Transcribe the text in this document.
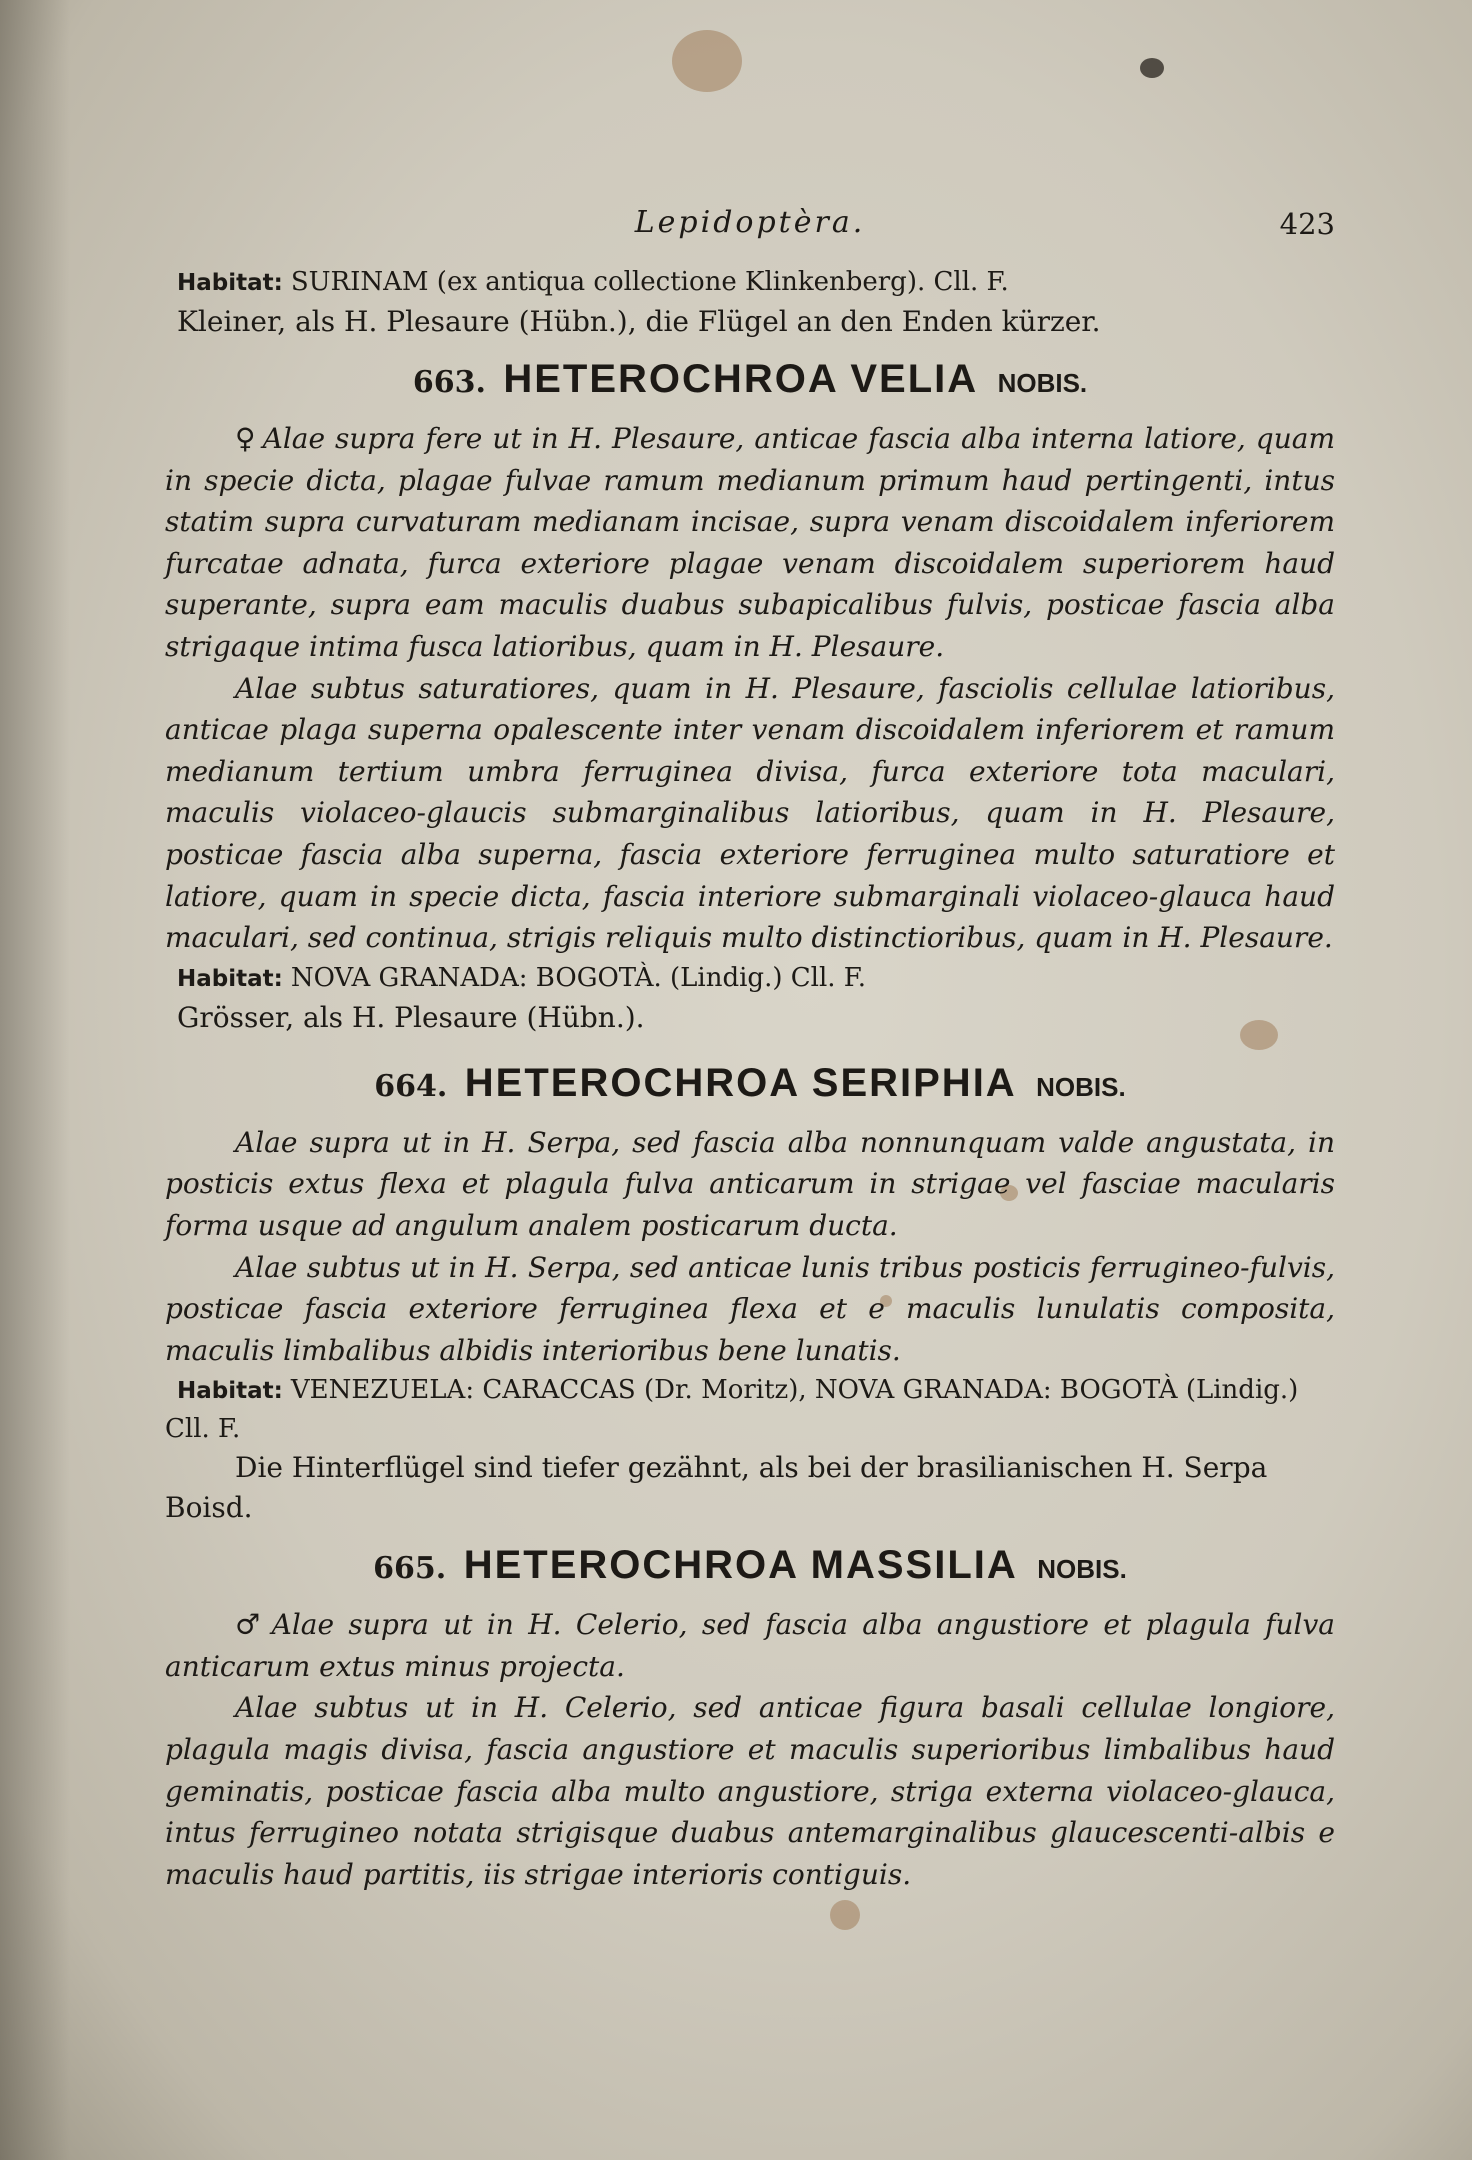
Lepidoptèra.	423

Habitat: SURINAM (ex antiqua collectione Klinkenberg). Cll. F.

Kleiner, als H. Plesaure (Hübn.), die Flügel an den Enden kürzer.

663. HETEROCHROA VELIA NOBIS.

♀ Alae supra fere ut in H. Plesaure, anticae fascia alba interna latiore, quam in specie dicta, plagae fulvae ramum medianum primum haud pertingenti, intus statim supra curvaturam medianam incisae, supra venam discoidalem inferiorem furcatae adnata, furca exteriore plagae venam discoidalem superiorem haud superante, supra eam maculis duabus subapicalibus fulvis, posticae fascia alba strigaque intima fusca latioribus, quam in H. Plesaure.

Alae subtus saturatiores, quam in H. Plesaure, fasciolis cellulae latioribus, anticae plaga superna opalescente inter venam discoidalem inferiorem et ramum medianum tertium umbra ferruginea divisa, furca exteriore tota maculari, maculis violaceo-glaucis submarginalibus latioribus, quam in H. Plesaure, posticae fascia alba superna, fascia exteriore ferruginea multo saturatiore et latiore, quam in specie dicta, fascia interiore submarginali violaceo-glauca haud maculari, sed continua, strigis reliquis multo distinctioribus, quam in H. Plesaure.

Habitat: NOVA GRANADA: BOGOTÀ. (Lindig.) Cll. F.

Grösser, als H. Plesaure (Hübn.).

664. HETEROCHROA SERIPHIA NOBIS.

Alae supra ut in H. Serpa, sed fascia alba nonnunquam valde angustata, in posticis extus flexa et plagula fulva anticarum in strigae vel fasciae macularis forma usque ad angulum analem posticarum ducta.

Alae subtus ut in H. Serpa, sed anticae lunis tribus posticis ferrugineo-fulvis, posticae fascia exteriore ferruginea flexa et e maculis lunulatis composita, maculis limbalibus albidis interioribus bene lunatis.

Habitat: VENEZUELA: CARACCAS (Dr. Moritz), NOVA GRANADA: BOGOTÀ (Lindig.) Cll. F.

Die Hinterflügel sind tiefer gezähnt, als bei der brasilianischen H. Serpa Boisd.

665. HETEROCHROA MASSILIA NOBIS.

♂ Alae supra ut in H. Celerio, sed fascia alba angustiore et plagula fulva anticarum extus minus projecta.

Alae subtus ut in H. Celerio, sed anticae figura basali cellulae longiore, plagula magis divisa, fascia angustiore et maculis superioribus limbalibus haud geminatis, posticae fascia alba multo angustiore, striga externa violaceo-glauca, intus ferrugineo notata strigisque duabus antemarginalibus glaucescenti-albis e maculis haud partitis, iis strigae interioris contiguis.
